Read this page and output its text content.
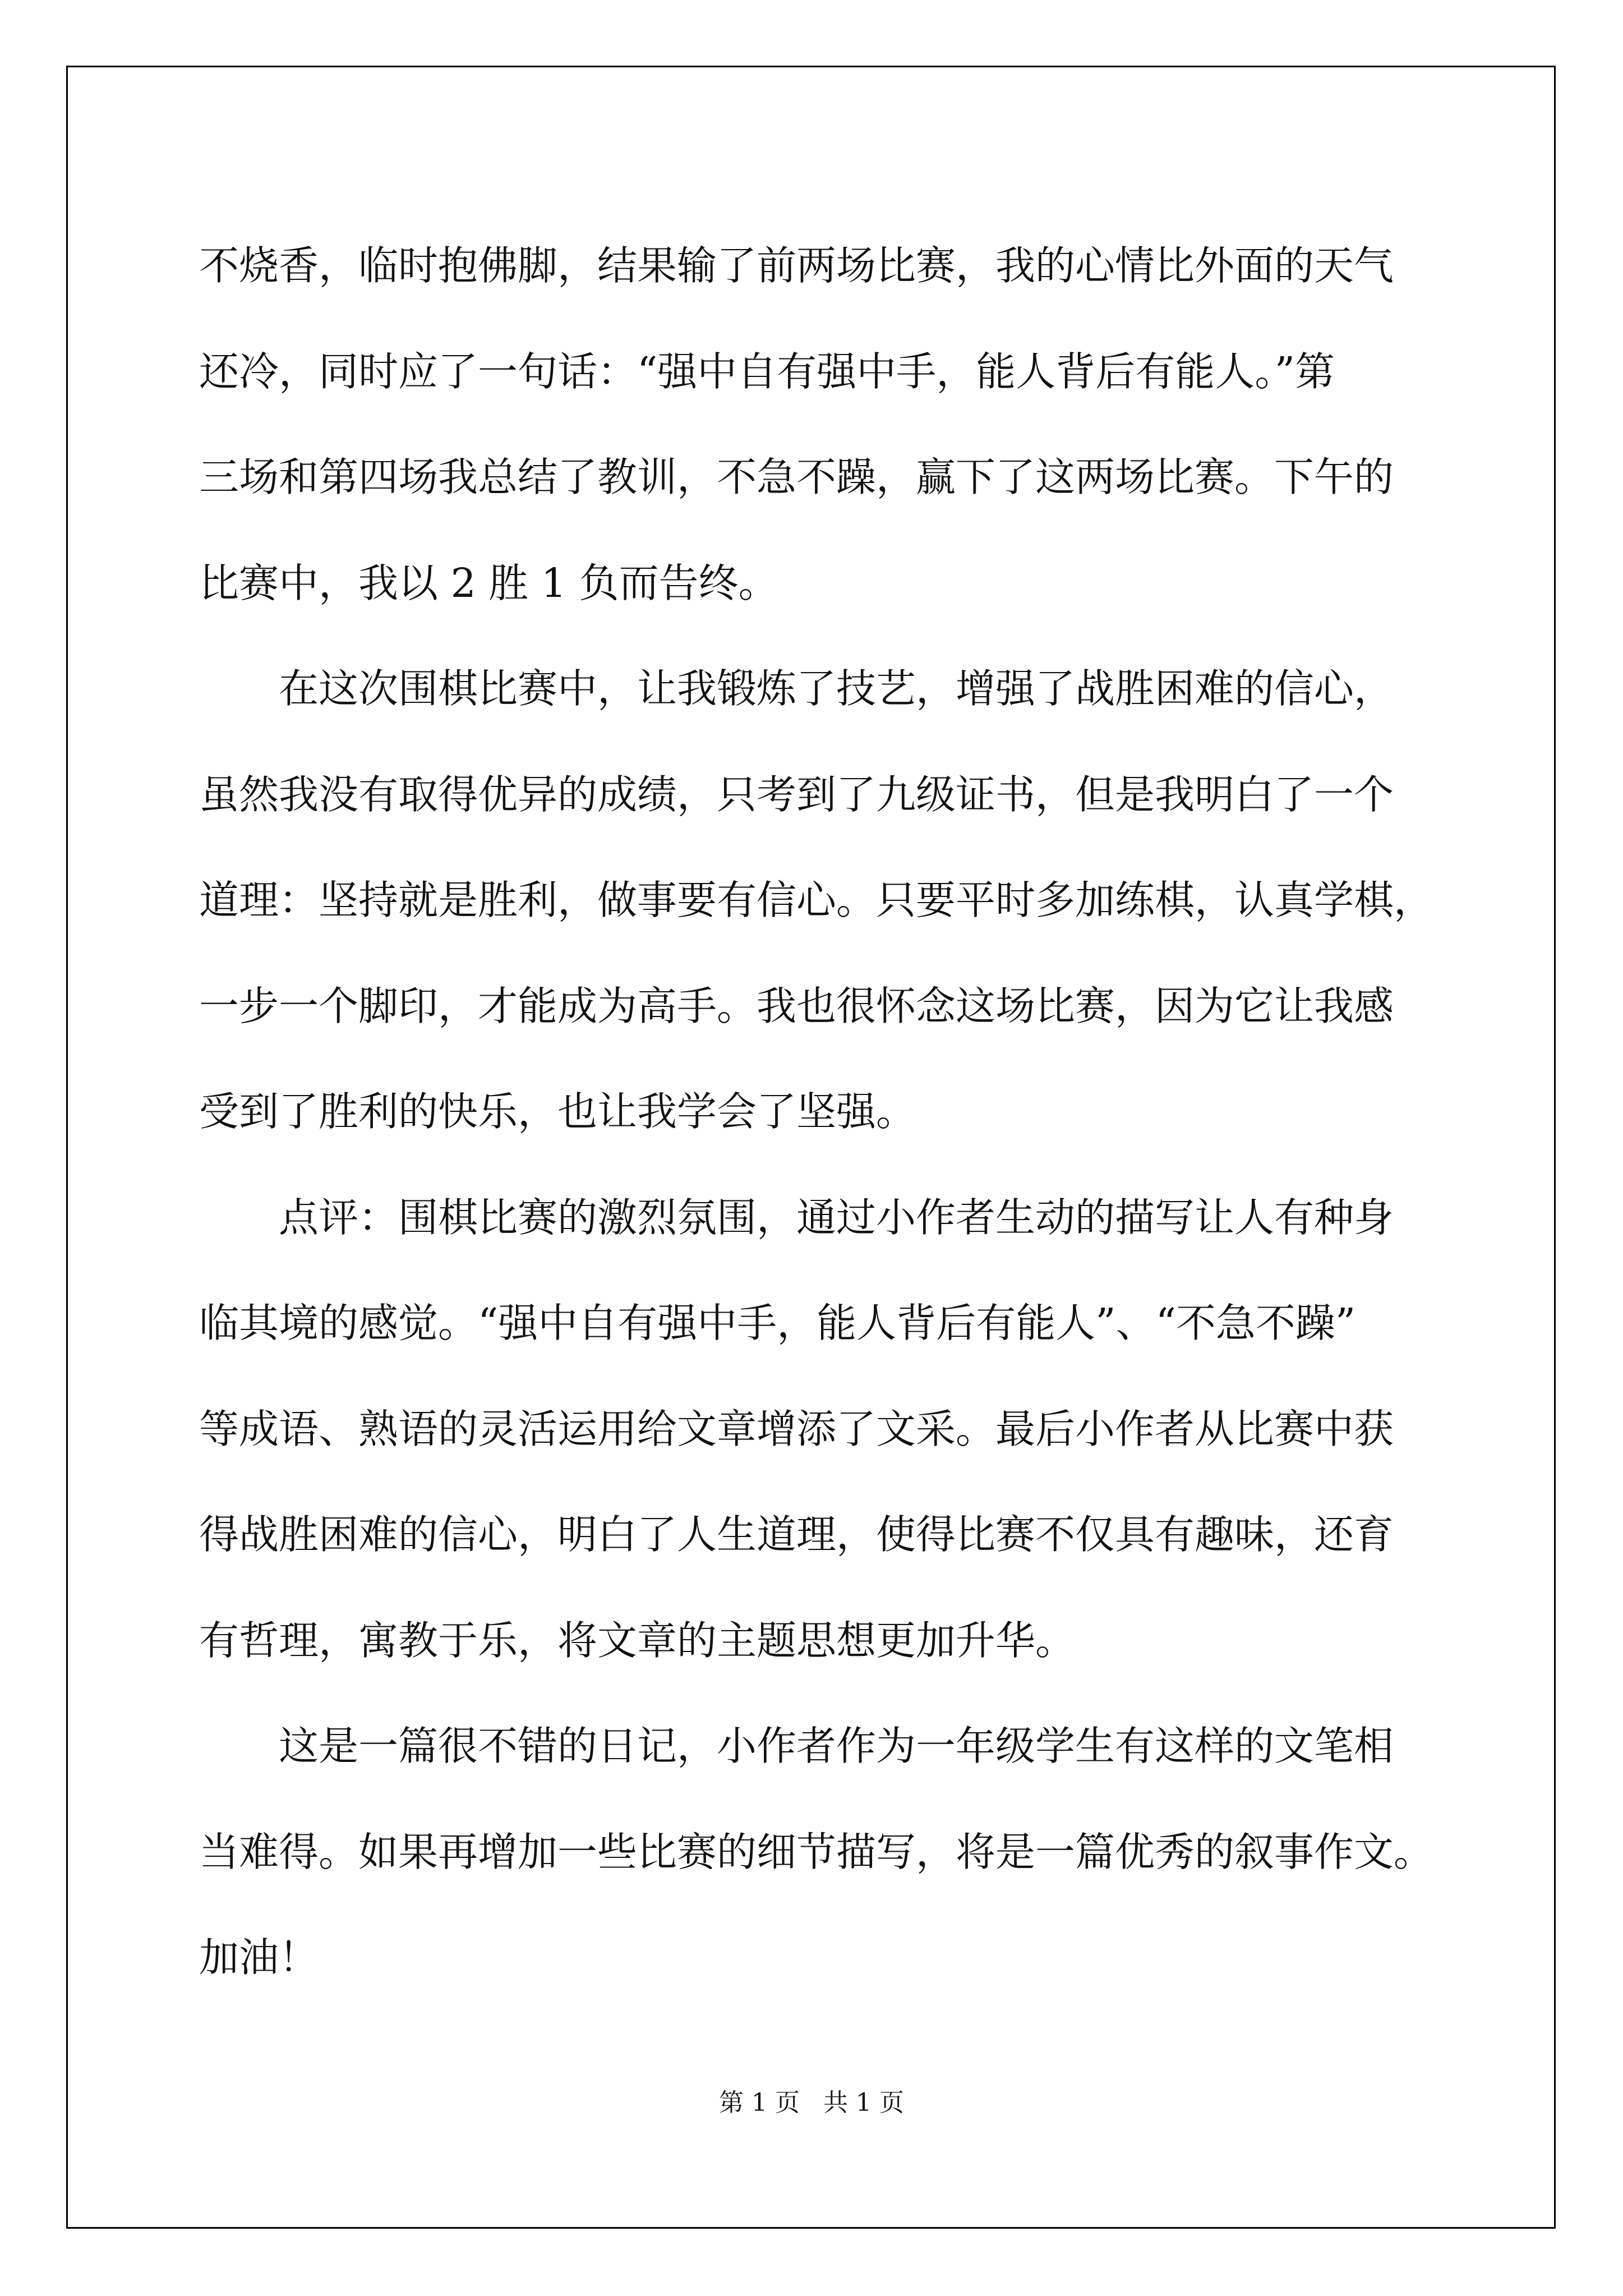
不烧香，临时抱佛脚，结果输了前两场比赛，我的心情比外面的天气
还冷，同时应了一句话：“强中自有强中手，能人背后有能人。”第
三场和第四场我总结了教训，不急不躁，赢下了这两场比赛。下午的
比赛中，我以 2 胜 1 负而告终。
在这次围棋比赛中，让我锻炼了技艺，增强了战胜困难的信心，
虽然我没有取得优异的成绩，只考到了九级证书，但是我明白了一个
道理：坚持就是胜利，做事要有信心。只要平时多加练棋，认真学棋，
一步一个脚印，才能成为高手。我也很怀念这场比赛，因为它让我感
受到了胜利的快乐，也让我学会了坚强。
点评：围棋比赛的激烈氛围，通过小作者生动的描写让人有种身
临其境的感觉。“强中自有强中手，能人背后有能人”、“不急不躁”
等成语、熟语的灵活运用给文章增添了文采。最后小作者从比赛中获
得战胜困难的信心，明白了人生道理，使得比赛不仅具有趣味，还育
有哲理，寓教于乐，将文章的主题思想更加升华。
这是一篇很不错的日记，小作者作为一年级学生有这样的文笔相
当难得。如果再增加一些比赛的细节描写，将是一篇优秀的叙事作文。
加油！
第 1 页   共 1 页
